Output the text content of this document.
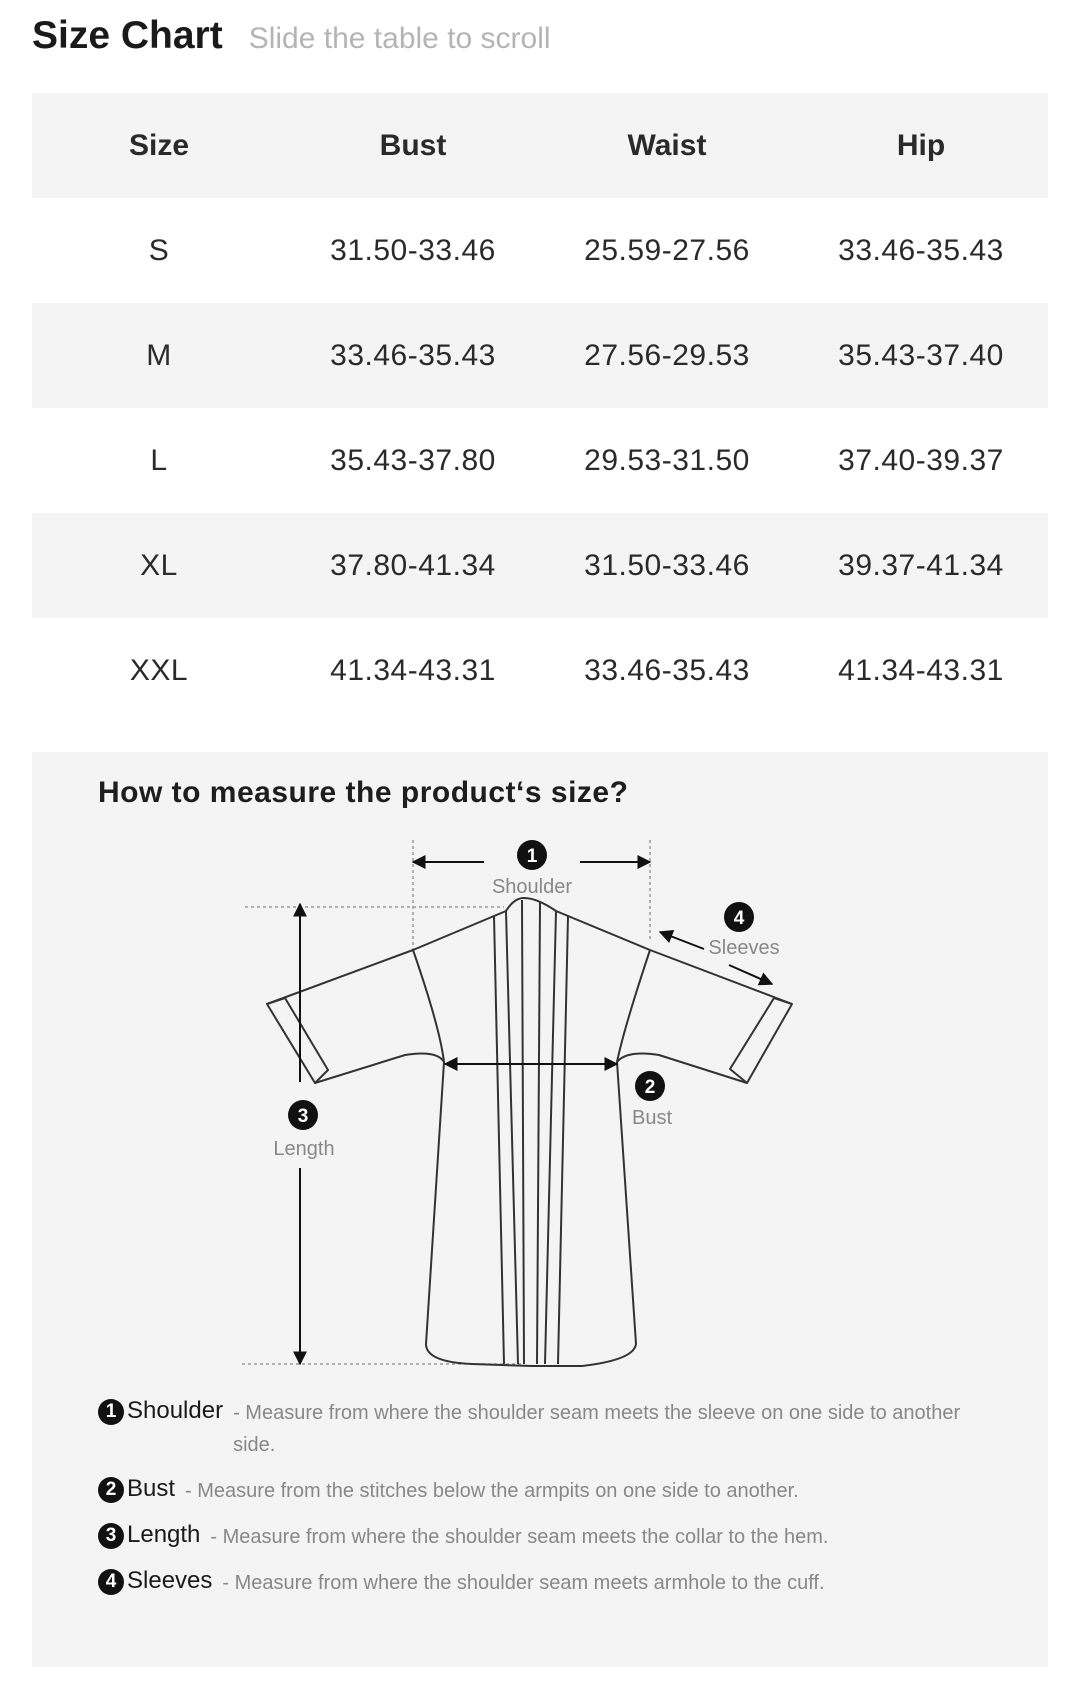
Size Chart Slide the table to scroll
Size	Bust	Waist	Hip
S	31.50-33.46	25.59-27.56	33.46-35.43
M	33.46-35.43	27.56-29.53	35.43-37.40
L	35.43-37.80	29.53-31.50	37.40-39.37
XL	37.80-41.34	31.50-33.46	39.37-41.34
XXL	41.34-43.31	33.46-35.43	41.34-43.31
1
Shoulder
4
Sleeves
2
Bust
3
Length
How to measure the product‘s size?
1 Shoulder - Measure from where the shoulder seam meets the sleeve on one side to another side.
2 Bust - Measure from the stitches below the armpits on one side to another.
3 Length - Measure from where the shoulder seam meets the collar to the hem.
4 Sleeves - Measure from where the shoulder seam meets armhole to the cuff.
